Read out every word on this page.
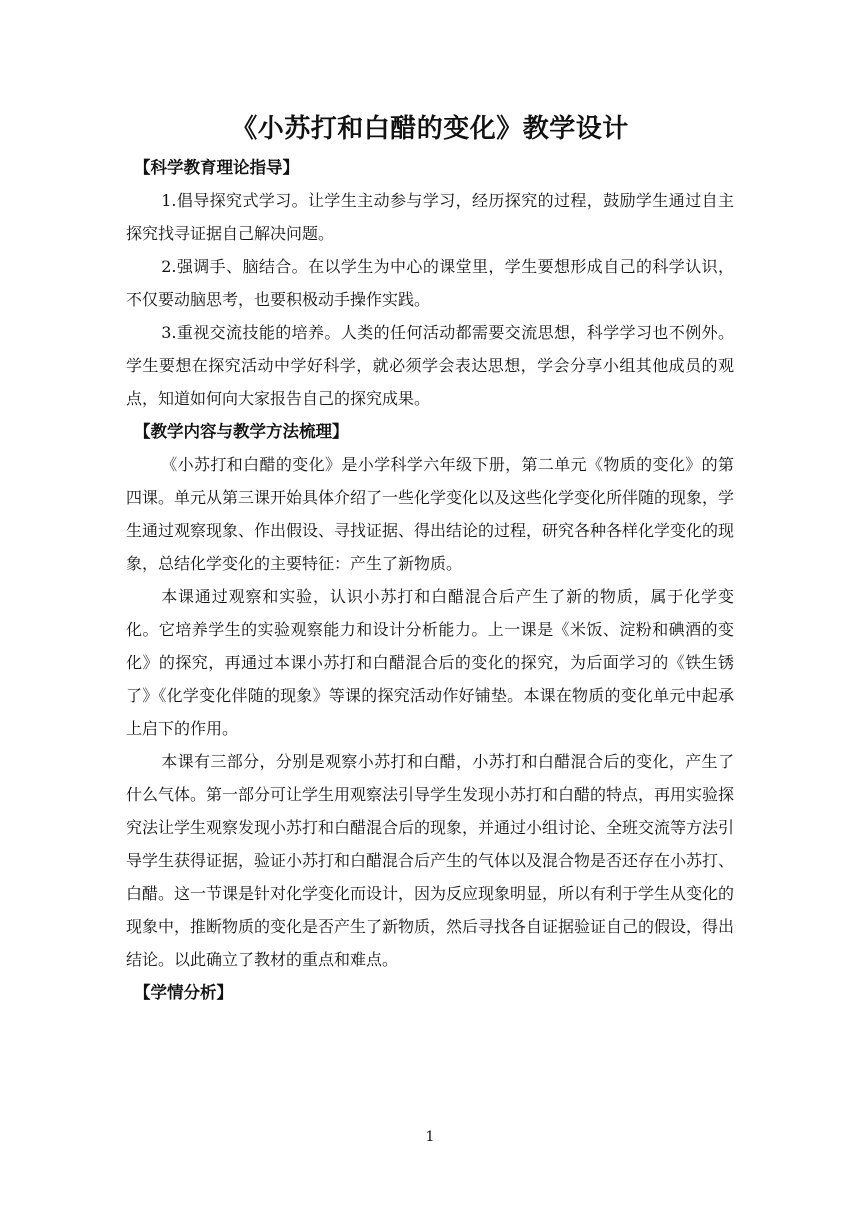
《小苏打和白醋的变化》教学设计
【科学教育理论指导】

1.倡导探究式学习。让学生主动参与学习，经历探究的过程，鼓励学生通过自主探究找寻证据自己解决问题。

2.强调手、脑结合。在以学生为中心的课堂里，学生要想形成自己的科学认识，不仅要动脑思考，也要积极动手操作实践。

3.重视交流技能的培养。人类的任何活动都需要交流思想，科学学习也不例外。学生要想在探究活动中学好科学，就必须学会表达思想，学会分享小组其他成员的观点，知道如何向大家报告自己的探究成果。

【教学内容与教学方法梳理】

《小苏打和白醋的变化》是小学科学六年级下册，第二单元《物质的变化》的第四课。单元从第三课开始具体介绍了一些化学变化以及这些化学变化所伴随的现象，学生通过观察现象、作出假设、寻找证据、得出结论的过程，研究各种各样化学变化的现象，总结化学变化的主要特征：产生了新物质。

本课通过观察和实验，认识小苏打和白醋混合后产生了新的物质，属于化学变化。它培养学生的实验观察能力和设计分析能力。上一课是《米饭、淀粉和碘酒的变化》的探究，再通过本课小苏打和白醋混合后的变化的探究，为后面学习的《铁生锈了》《化学变化伴随的现象》等课的探究活动作好铺垫。本课在物质的变化单元中起承上启下的作用。

本课有三部分，分别是观察小苏打和白醋，小苏打和白醋混合后的变化，产生了什么气体。第一部分可让学生用观察法引导学生发现小苏打和白醋的特点，再用实验探究法让学生观察发现小苏打和白醋混合后的现象，并通过小组讨论、全班交流等方法引导学生获得证据，验证小苏打和白醋混合后产生的气体以及混合物是否还存在小苏打、白醋。这一节课是针对化学变化而设计，因为反应现象明显，所以有利于学生从变化的现象中，推断物质的变化是否产生了新物质，然后寻找各自证据验证自己的假设，得出结论。以此确立了教材的重点和难点。

【学情分析】
1
